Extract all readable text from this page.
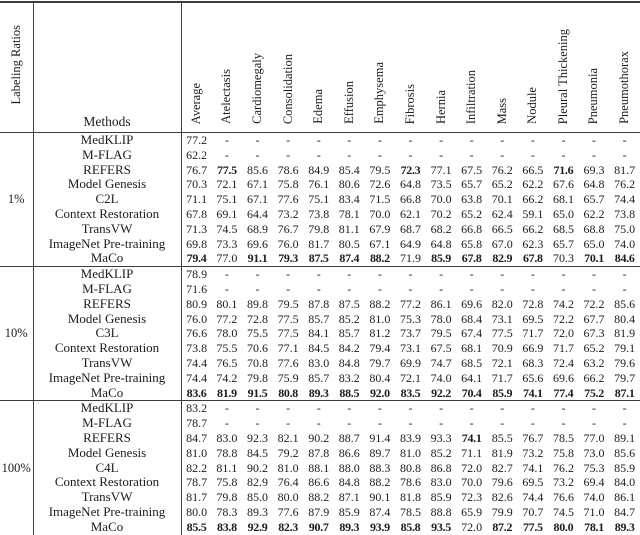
Labeling Ratios	Methods	Average	Atelectasis	Cardiomegaly	Consolidation	Edema	Effusion	Emphysema	Fibrosis	Hernia	Infiltration	Mass	Nodule	Pleural Thickening	Pneumonia	Pneumothorax
1%	MedKLIP	77.2	-	-	-	-	-	-	-	-	-	-	-	-	-	-
	M-FLAG	62.2	-	-	-	-	-	-	-	-	-	-	-	-	-	-
	REFERS	76.7	77.5	85.6	78.6	84.9	85.4	79.5	72.3	77.1	67.5	76.2	66.5	71.6	69.3	81.7
	Model Genesis	70.3	72.1	67.1	75.8	76.1	80.6	72.6	64.8	73.5	65.7	65.2	62.2	67.6	64.8	76.2
	C2L	71.1	75.1	67.1	77.6	75.1	83.4	71.5	66.8	70.0	63.8	70.1	66.2	68.1	65.7	74.4
	Context Restoration	67.8	69.1	64.4	73.2	73.8	78.1	70.0	62.1	70.2	65.2	62.4	59.1	65.0	62.2	73.8
	TransVW	71.3	74.5	68.9	76.7	79.8	81.1	67.9	68.7	68.2	66.8	66.5	66.2	68.5	68.8	75.0
	ImageNet Pre-training	69.8	73.3	69.6	76.0	81.7	80.5	67.1	64.9	64.8	65.8	67.0	62.3	65.7	65.0	74.0
	MaCo	79.4	77.0	91.1	79.3	87.5	87.4	88.2	71.9	85.9	67.8	82.9	67.8	70.3	70.1	84.6
10%	MedKLIP	78.9	-	-	-	-	-	-	-	-	-	-	-	-	-	-
	M-FLAG	71.6	-	-	-	-	-	-	-	-	-	-	-	-	-	-
	REFERS	80.9	80.1	89.8	79.5	87.8	87.5	88.2	77.2	86.1	69.6	82.0	72.8	74.2	72.2	85.6
	Model Genesis	76.0	77.2	72.8	77.5	85.7	85.2	81.0	75.3	78.0	68.4	73.1	69.5	72.2	67.7	80.4
	C3L	76.6	78.0	75.5	77.5	84.1	85.7	81.2	73.7	79.5	67.4	77.5	71.7	72.0	67.3	81.9
	Context Restoration	73.8	75.5	70.6	77.1	84.5	84.2	79.4	73.1	67.5	68.1	70.9	66.9	71.7	65.2	79.1
	TransVW	74.4	76.5	70.8	77.6	83.0	84.8	79.7	69.9	74.7	68.5	72.1	68.3	72.4	63.2	79.6
	ImageNet Pre-training	74.4	74.2	79.8	75.9	85.7	83.2	80.4	72.1	74.0	64.1	71.7	65.6	69.6	66.2	79.7
	MaCo	83.6	81.9	91.5	80.8	89.3	88.5	92.0	83.5	92.2	70.4	85.9	74.1	77.4	75.2	87.1
100%	MedKLIP	83.2	-	-	-	-	-	-	-	-	-	-	-	-	-	-
	M-FLAG	78.7	-	-	-	-	-	-	-	-	-	-	-	-	-	-
	REFERS	84.7	83.0	92.3	82.1	90.2	88.7	91.4	83.9	93.3	74.1	85.5	76.7	78.5	77.0	89.1
	Model Genesis	81.0	78.8	84.5	79.2	87.8	86.6	89.7	81.0	85.2	71.1	81.9	73.2	75.8	73.0	85.6
	C4L	82.2	81.1	90.2	81.0	88.1	88.0	88.3	80.8	86.8	72.0	82.7	74.1	76.2	75.3	85.9
	Context Restoration	78.7	75.8	82.9	76.4	86.6	84.8	88.2	78.6	83.0	70.0	79.6	69.5	73.2	69.4	84.0
	TransVW	81.7	79.8	85.0	80.0	88.2	87.1	90.1	81.8	85.9	72.3	82.6	74.4	76.6	74.0	86.1
	ImageNet Pre-training	80.0	78.3	89.3	77.6	87.9	85.9	87.4	78.5	88.8	65.9	79.9	70.7	74.5	71.0	84.7
	MaCo	85.5	83.8	92.9	82.3	90.7	89.3	93.9	85.8	93.5	72.0	87.2	77.5	80.0	78.1	89.3
